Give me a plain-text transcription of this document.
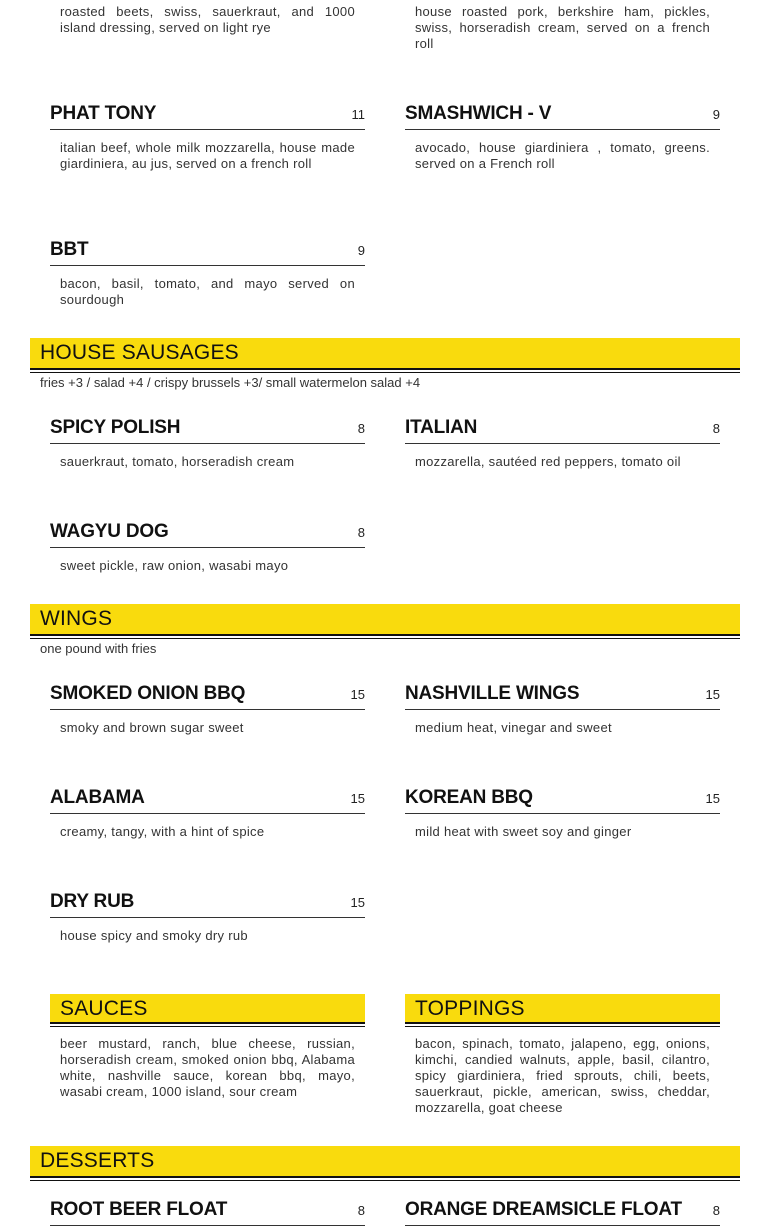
roasted beets, swiss, sauerkraut, and 1000 island dressing, served on light rye
house roasted pork, berkshire ham, pickles, swiss, horseradish cream, served on a french roll
PHAT TONY	11
italian beef, whole milk mozzarella, house made giardiniera, au jus, served on a french roll
SMASHWICH - V	9
avocado, house giardiniera , tomato, greens. served on a French roll
BBT	9
bacon, basil, tomato, and mayo served on sourdough
HOUSE SAUSAGES
fries +3 / salad +4 / crispy brussels +3/ small watermelon salad +4
SPICY POLISH	8
sauerkraut, tomato, horseradish cream
ITALIAN	8
mozzarella, sautéed red peppers, tomato oil
WAGYU DOG	8
sweet pickle, raw onion, wasabi mayo
WINGS
one pound with fries
SMOKED ONION BBQ	15
smoky and brown sugar sweet
NASHVILLE WINGS	15
medium heat, vinegar and sweet
ALABAMA	15
creamy, tangy, with a hint of spice
KOREAN BBQ	15
mild heat with sweet soy and ginger
DRY RUB	15
house spicy and smoky dry rub
SAUCES
beer mustard, ranch, blue cheese, russian, horseradish cream, smoked onion bbq, Alabama white, nashville sauce, korean bbq, mayo, wasabi cream, 1000 island, sour cream
TOPPINGS
bacon, spinach, tomato, jalapeno, egg, onions, kimchi, candied walnuts, apple, basil, cilantro, spicy giardiniera, fried sprouts, chili, beets, sauerkraut, pickle, american, swiss, cheddar, mozzarella, goat cheese
DESSERTS
ROOT BEER FLOAT	8 ORANGE DREAMSICLE FLOAT 8
